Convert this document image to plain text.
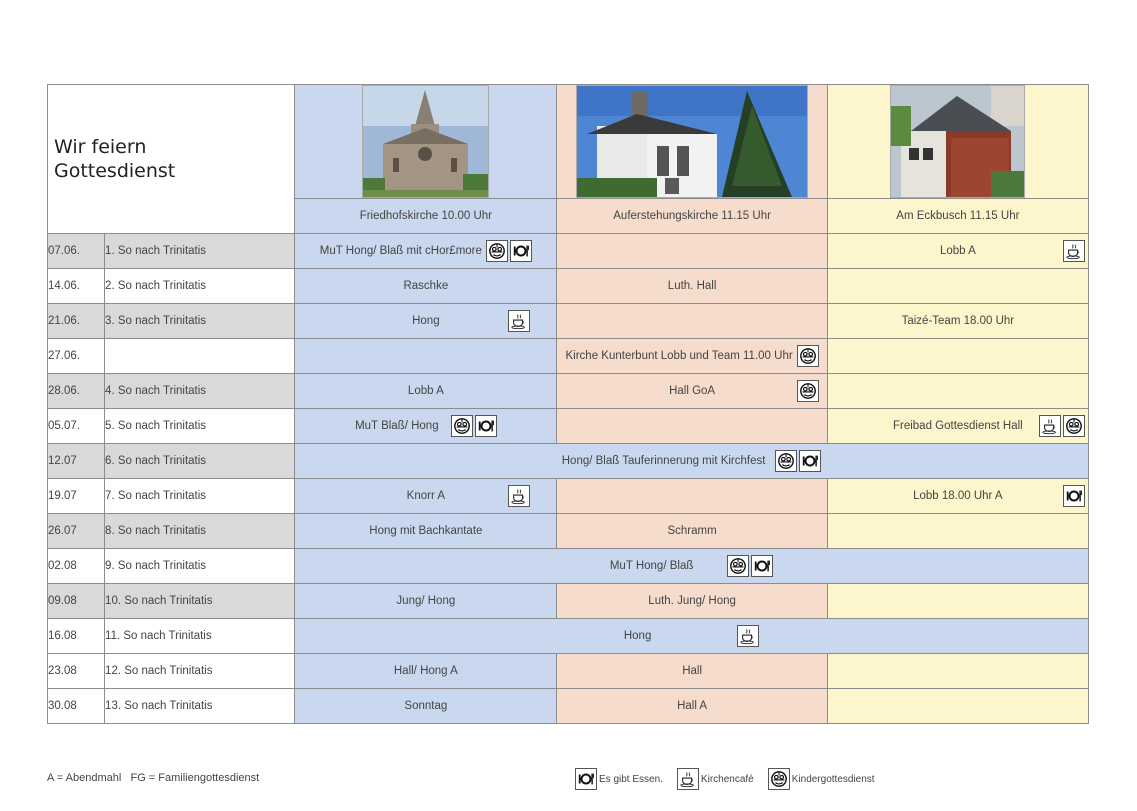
Wir feiern Gottesdienst

		Friedhofskirche 10.00 Uhr	Auferstehungskirche 11.15 Uhr	Am Eckbusch 11.15 Uhr
07.06.	1. So nach Trinitatis	MuT Hong/ Blaß mit cHor£more		Lobb A

14.06.	2. So nach Trinitatis	Raschke	Luth. Hall	
21.06.	3. So nach Trinitatis	Hong		Taizé-Team 18.00 Uhr
27.06.			Kirche Kunterbunt Lobb und Team 11.00 Uhr	

28.06.	4. So nach Trinitatis	Lobb A	Hall GoA	

05.07.	5. So nach Trinitatis	MuT Blaß/ Hong		Freibad Gottesdienst Hall

12.07	6. So nach Trinitatis	Hong/ Blaß Tauferinnerung mit Kirchfest		

19.07	7. So nach Trinitatis	Knorr A		Lobb 18.00 Uhr A

26.07	8. So nach Trinitatis	Hong mit Bachkantate	Schramm	
02.08	9. So nach Trinitatis	MuT Hong/ Blaß		

09.08	10. So nach Trinitatis	Jung/ Hong	Luth. Jung/ Hong	
16.08	11. So nach Trinitatis	Hong		

23.08	12. So nach Trinitatis	Hall/ Hong A	Hall	
30.08	13. So nach Trinitatis	Sonntag	Hall A	
A = Abendmahl   FG = Familiengottesdienst	Es gibt Essen.	Kirchencafé	Kindergottesdienst
